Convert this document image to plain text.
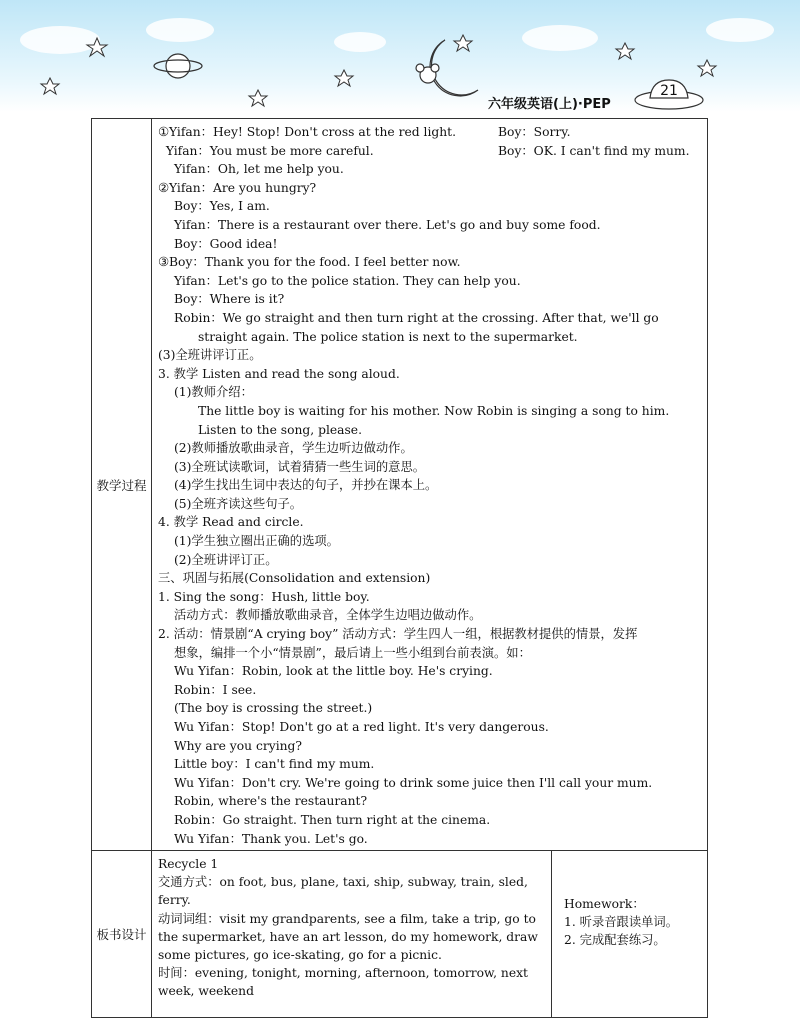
六年级英语(上)·PEP
21
教学过程
①Yifan：Hey! Stop! Don't cross at the red light.	Boy：Sorry.
Yifan：You must be more careful.	Boy：OK. I can't find my mum.
Yifan：Oh, let me help you.
②Yifan：Are you hungry?
Boy：Yes, I am.
Yifan：There is a restaurant over there. Let's go and buy some food.
Boy：Good idea!
③Boy：Thank you for the food. I feel better now.
Yifan：Let's go to the police station. They can help you.
Boy：Where is it?
Robin：We go straight and then turn right at the crossing. After that, we'll go
straight again. The police station is next to the supermarket.
(3)全班讲评订正。
3. 教学 Listen and read the song aloud.
(1)教师介绍：
The little boy is waiting for his mother. Now Robin is singing a song to him.
Listen to the song, please.
(2)教师播放歌曲录音，学生边听边做动作。
(3)全班试读歌词，试着猜猜一些生词的意思。
(4)学生找出生词中表达的句子，并抄在课本上。
(5)全班齐读这些句子。
4. 教学 Read and circle.
(1)学生独立圈出正确的选项。
(2)全班讲评订正。
三、巩固与拓展(Consolidation and extension)
1. Sing the song：Hush, little boy.
活动方式：教师播放歌曲录音，全体学生边唱边做动作。
2. 活动：情景剧“A crying boy” 活动方式：学生四人一组，根据教材提供的情景，发挥
想象，编排一个小“情景剧”，最后请上一些小组到台前表演。如：
Wu Yifan：Robin, look at the little boy. He's crying.
Robin：I see.
(The boy is crossing the street.)
Wu Yifan：Stop! Don't go at a red light. It's very dangerous.
Why are you crying?
Little boy：I can't find my mum.
Wu Yifan：Don't cry. We're going to drink some juice then I'll call your mum.
Robin, where's the restaurant?
Robin：Go straight. Then turn right at the cinema.
Wu Yifan：Thank you. Let's go.
板书设计
Recycle 1
交通方式：on foot, bus, plane, taxi, ship, subway, train, sled, ferry.
动词词组：visit my grandparents, see a film, take a trip, go to the supermarket, have an art lesson, do my homework, draw some pictures, go ice-skating, go for a picnic.
时间：evening, tonight, morning, afternoon, tomorrow, next week, weekend
Homework：
1. 听录音跟读单词。
2. 完成配套练习。
